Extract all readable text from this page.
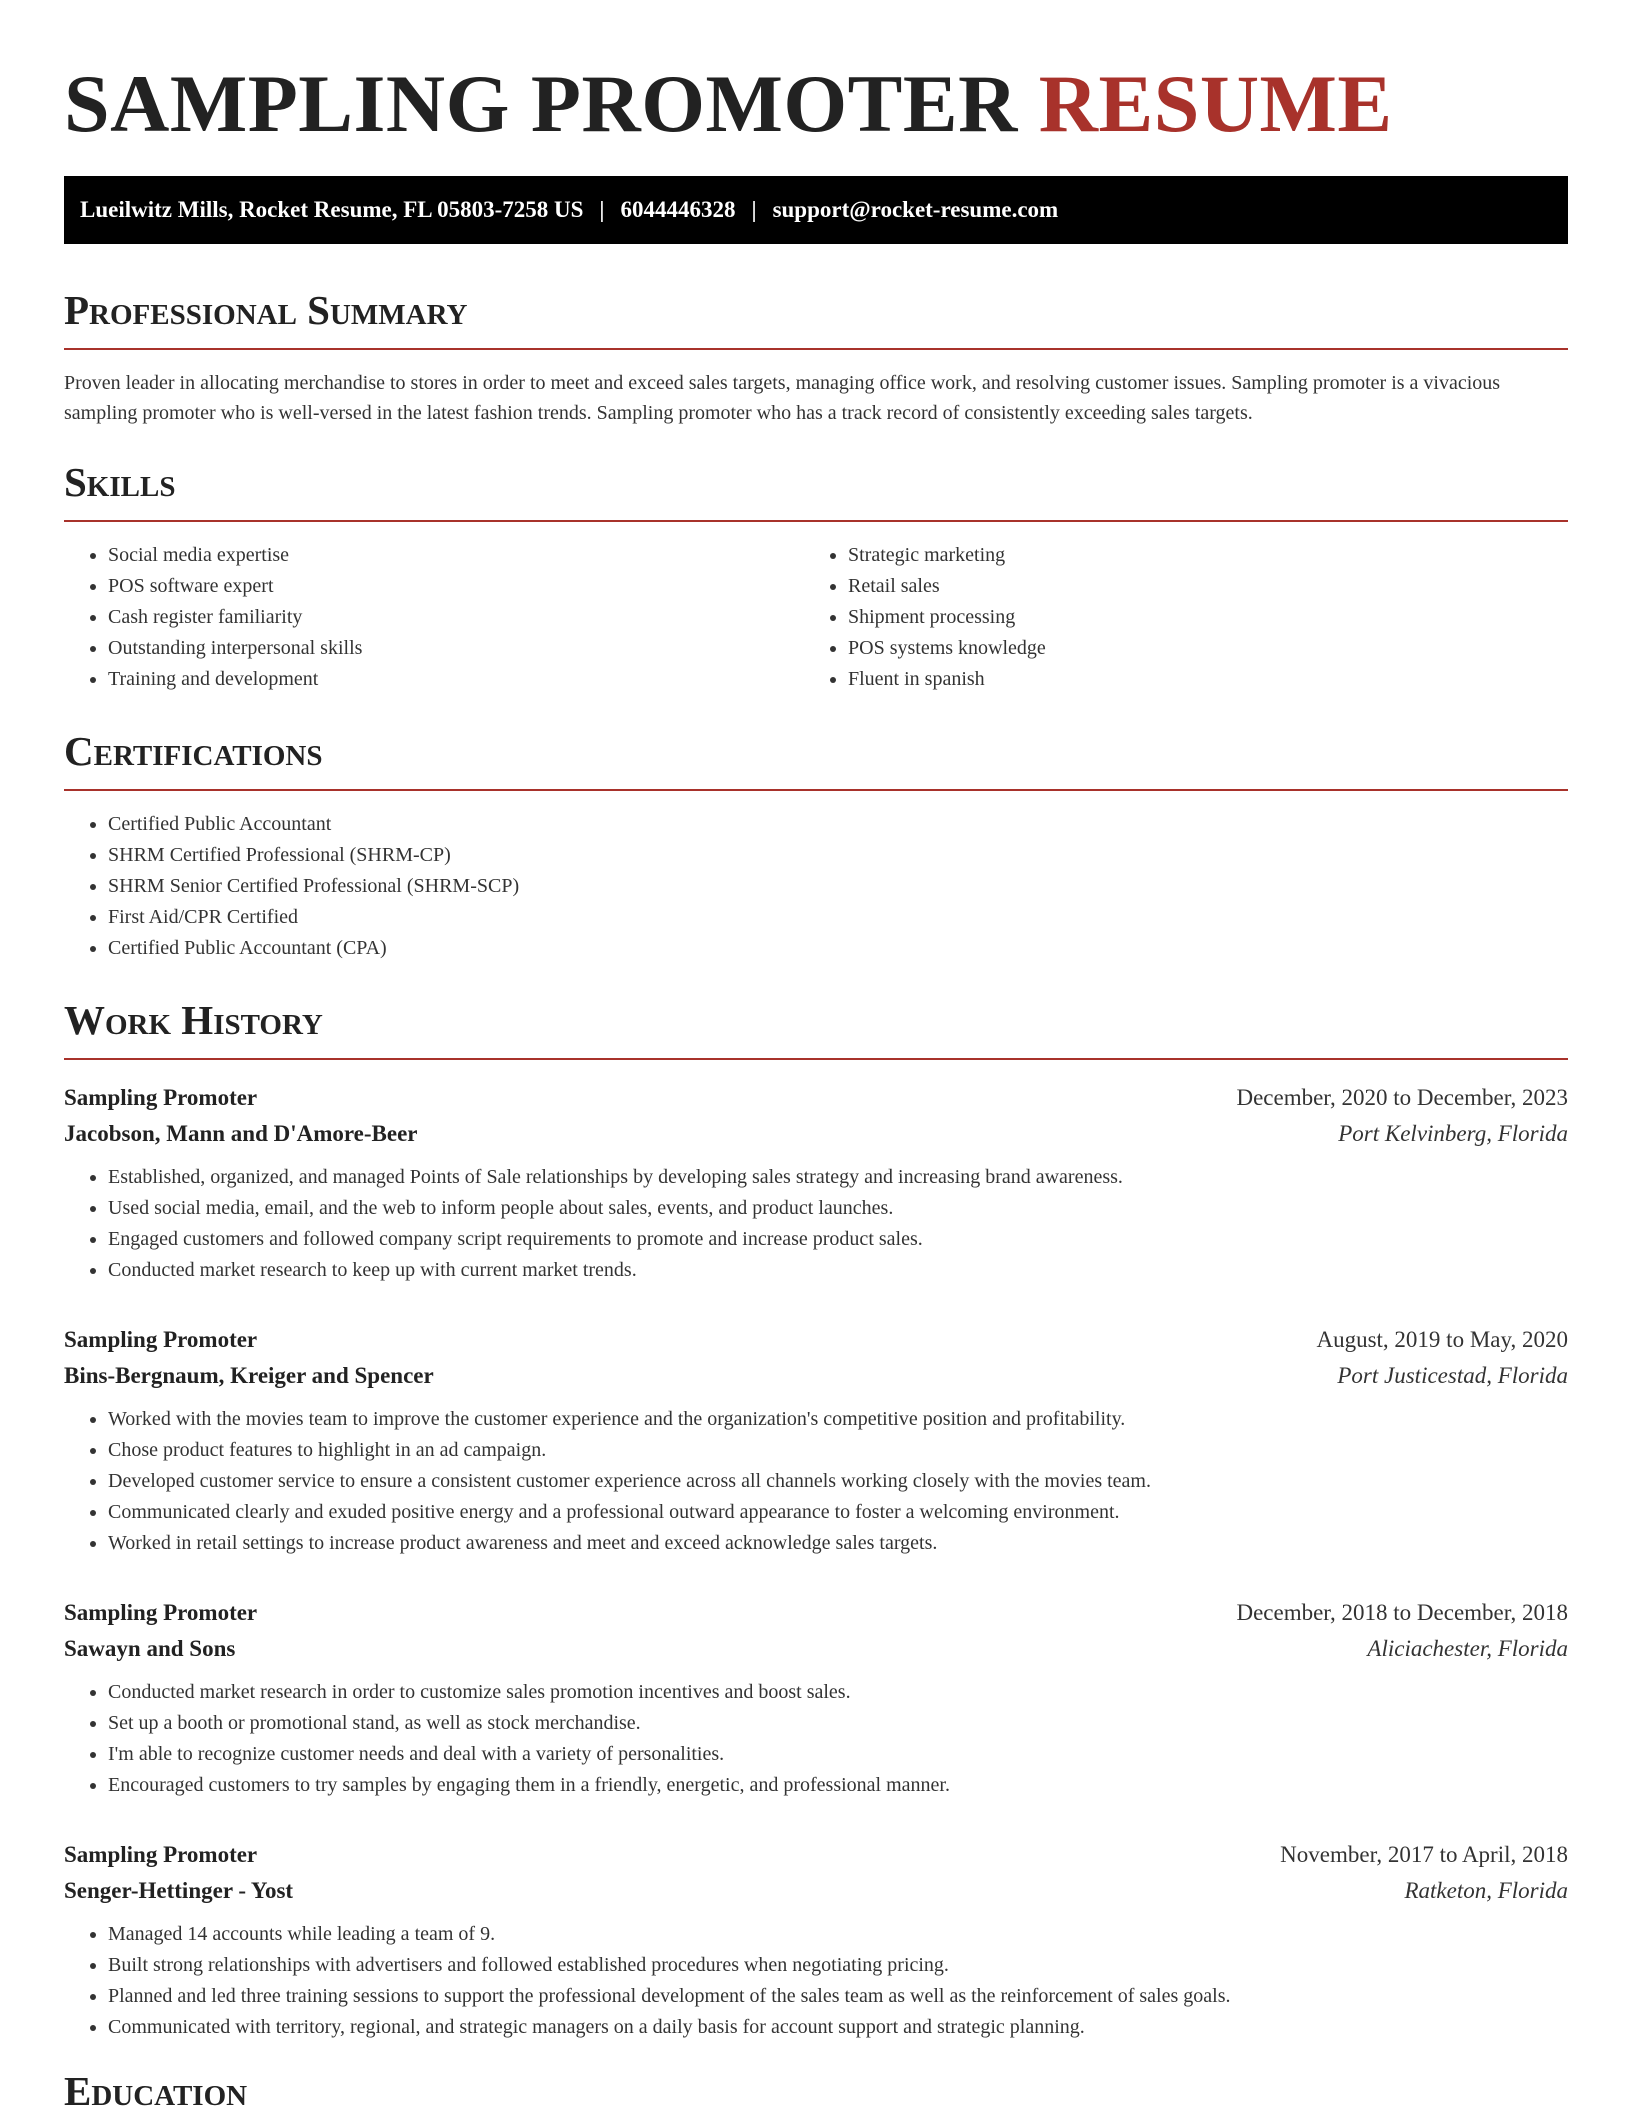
SAMPLING PROMOTER RESUME
Lueilwitz Mills, Rocket Resume, FL 05803-7258 US | 6044446328 | support@rocket-resume.com
Professional Summary

Proven leader in allocating merchandise to stores in order to meet and exceed sales targets, managing office work, and resolving customer issues. Sampling promoter is a vivacious sampling promoter who is well-versed in the latest fashion trends. Sampling promoter who has a track record of consistently exceeding sales targets.

Skills
• Social media expertise
• POS software expert
• Cash register familiarity
• Outstanding interpersonal skills
• Training and development
• Strategic marketing
• Retail sales
• Shipment processing
• POS systems knowledge
• Fluent in spanish
Certifications
• Certified Public Accountant
• SHRM Certified Professional (SHRM-CP)
• SHRM Senior Certified Professional (SHRM-SCP)
• First Aid/CPR Certified
• Certified Public Accountant (CPA)
Work History
Sampling Promoter	December, 2020 to December, 2023
Jacobson, Mann and D'Amore-Beer	Port Kelvinberg, Florida
• Established, organized, and managed Points of Sale relationships by developing sales strategy and increasing brand awareness.
• Used social media, email, and the web to inform people about sales, events, and product launches.
• Engaged customers and followed company script requirements to promote and increase product sales.
• Conducted market research to keep up with current market trends.
Sampling Promoter	August, 2019 to May, 2020
Bins-Bergnaum, Kreiger and Spencer	Port Justicestad, Florida
• Worked with the movies team to improve the customer experience and the organization's competitive position and profitability.
• Chose product features to highlight in an ad campaign.
• Developed customer service to ensure a consistent customer experience across all channels working closely with the movies team.
• Communicated clearly and exuded positive energy and a professional outward appearance to foster a welcoming environment.
• Worked in retail settings to increase product awareness and meet and exceed acknowledge sales targets.
Sampling Promoter	December, 2018 to December, 2018
Sawayn and Sons	Aliciachester, Florida
• Conducted market research in order to customize sales promotion incentives and boost sales.
• Set up a booth or promotional stand, as well as stock merchandise.
• I'm able to recognize customer needs and deal with a variety of personalities.
• Encouraged customers to try samples by engaging them in a friendly, energetic, and professional manner.
Sampling Promoter	November, 2017 to April, 2018
Senger-Hettinger - Yost	Ratketon, Florida
• Managed 14 accounts while leading a team of 9.
• Built strong relationships with advertisers and followed established procedures when negotiating pricing.
• Planned and led three training sessions to support the professional development of the sales team as well as the reinforcement of sales goals.
• Communicated with territory, regional, and strategic managers on a daily basis for account support and strategic planning.
Education
